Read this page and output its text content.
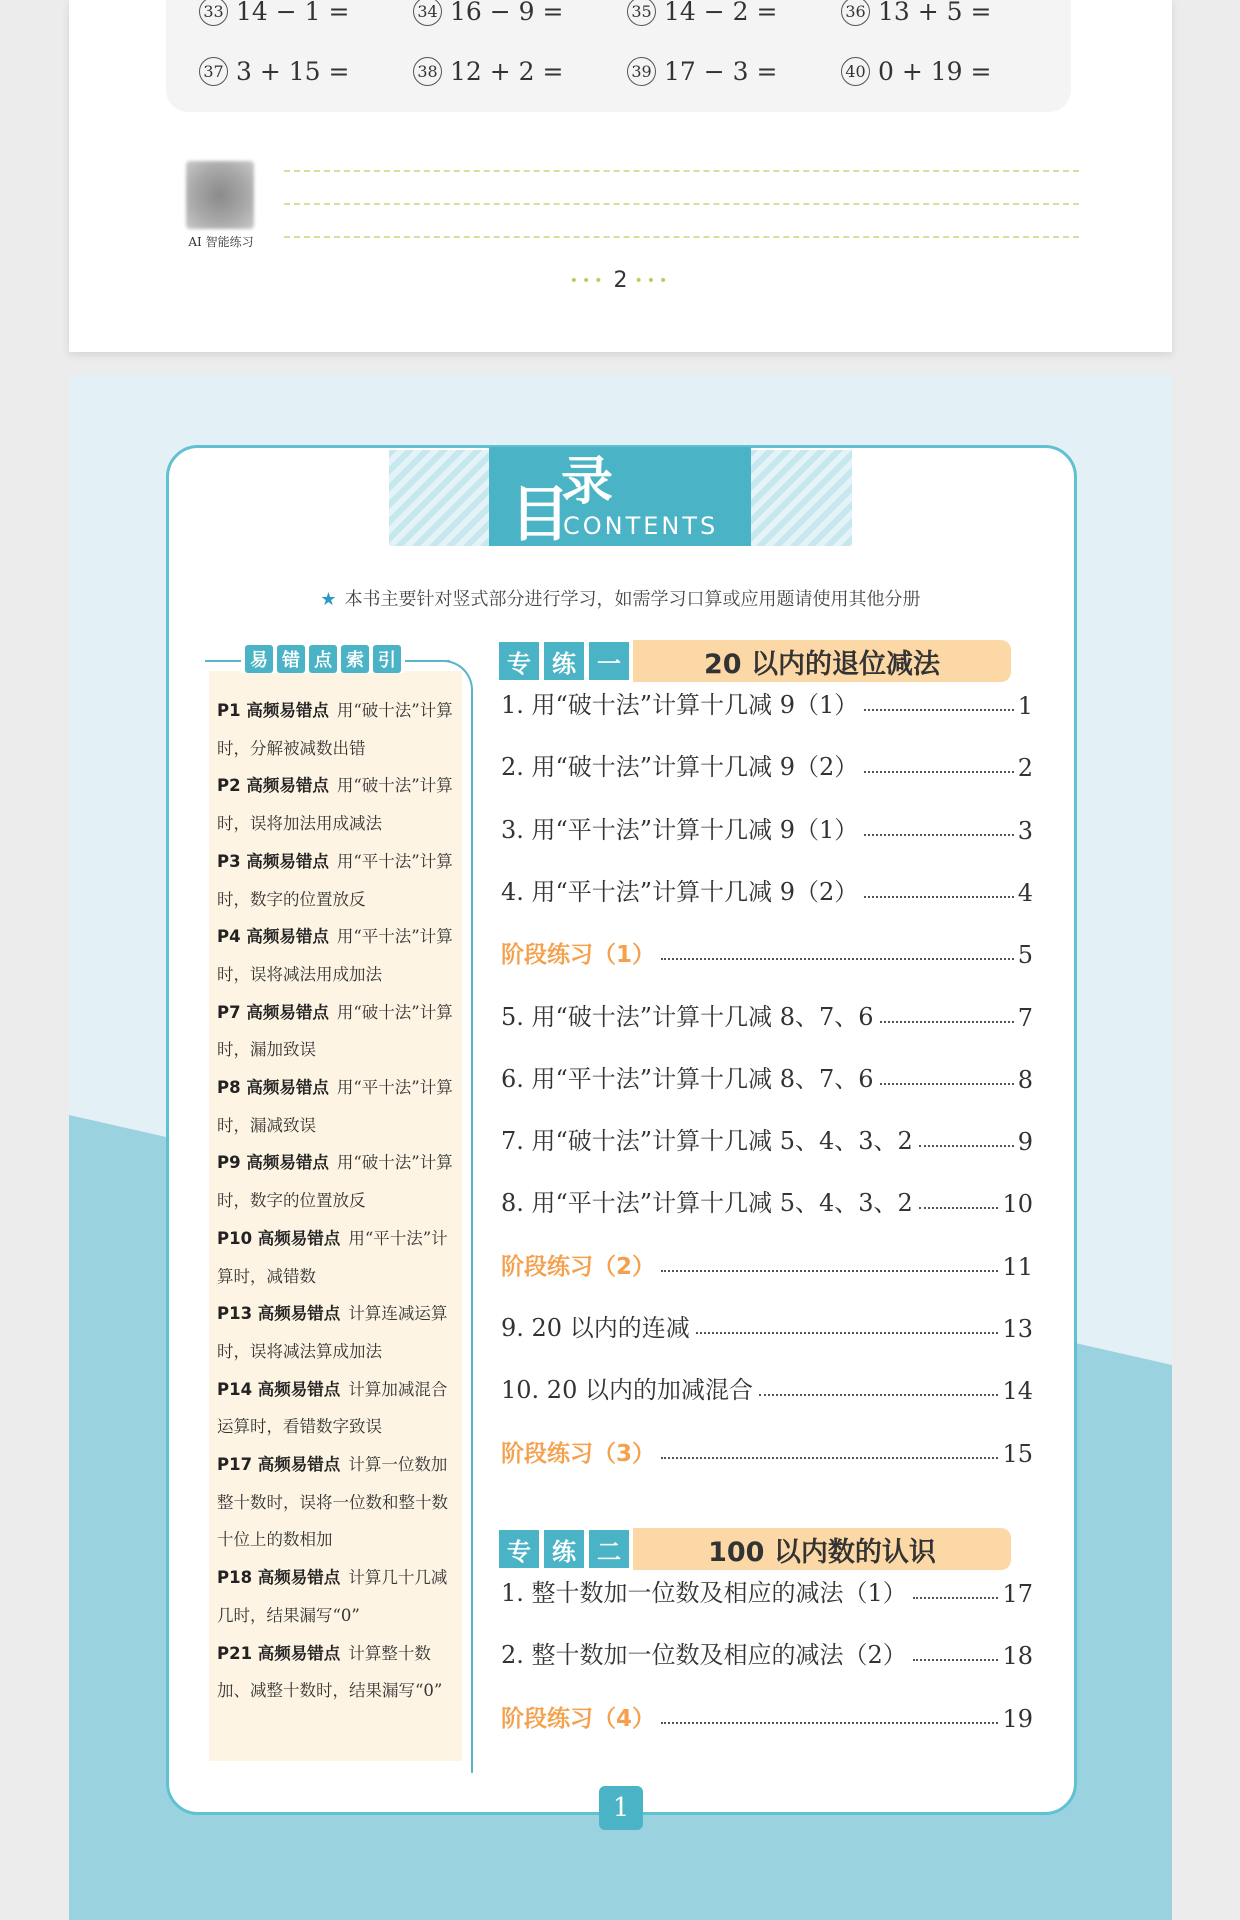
33 14 − 1 =	34 16 − 9 =	35 14 − 2 =	36 13 + 5 =
37 3 + 15 =	38 12 + 2 =	39 17 − 3 =	40 0 + 19 =
AI 智能练习
••• 2 •••
目
录
CONTENTS
★ 本书主要针对竖式部分进行学习，如需学习口算或应用题请使用其他分册
易 错 点 索 引
P1 高频易错点 用“破十法”计算时，分解被减数出错
P2 高频易错点 用“破十法”计算时，误将加法用成减法
P3 高频易错点 用“平十法”计算时，数字的位置放反
P4 高频易错点 用“平十法”计算时，误将减法用成加法
P7 高频易错点 用“破十法”计算时，漏加致误
P8 高频易错点 用“平十法”计算时，漏减致误
P9 高频易错点 用“破十法”计算时，数字的位置放反
P10 高频易错点 用“平十法”计算时，减错数
P13 高频易错点 计算连减运算时，误将减法算成加法
P14 高频易错点 计算加减混合运算时，看错数字致误
P17 高频易错点 计算一位数加整十数时，误将一位数和整十数十位上的数相加
P18 高频易错点 计算几十几减几时，结果漏写“0”
P21 高频易错点 计算整十数加、减整十数时，结果漏写“0”
专 练 一	20 以内的退位减法
专 练 二	100 以内数的认识
1. 用“破十法”计算十几减 9（1）	1
2. 用“破十法”计算十几减 9（2）	2
3. 用“平十法”计算十几减 9（1）	3
4. 用“平十法”计算十几减 9（2）	4
阶段练习（1）	5
5. 用“破十法”计算十几减 8、7、6	7
6. 用“平十法”计算十几减 8、7、6	8
7. 用“破十法”计算十几减 5、4、3、2	9
8. 用“平十法”计算十几减 5、4、3、2	10
阶段练习（2）	11
9. 20 以内的连减	13
10. 20 以内的加减混合	14
阶段练习（3）	15
1. 整十数加一位数及相应的减法（1）	17
2. 整十数加一位数及相应的减法（2）	18
阶段练习（4）	19
1
